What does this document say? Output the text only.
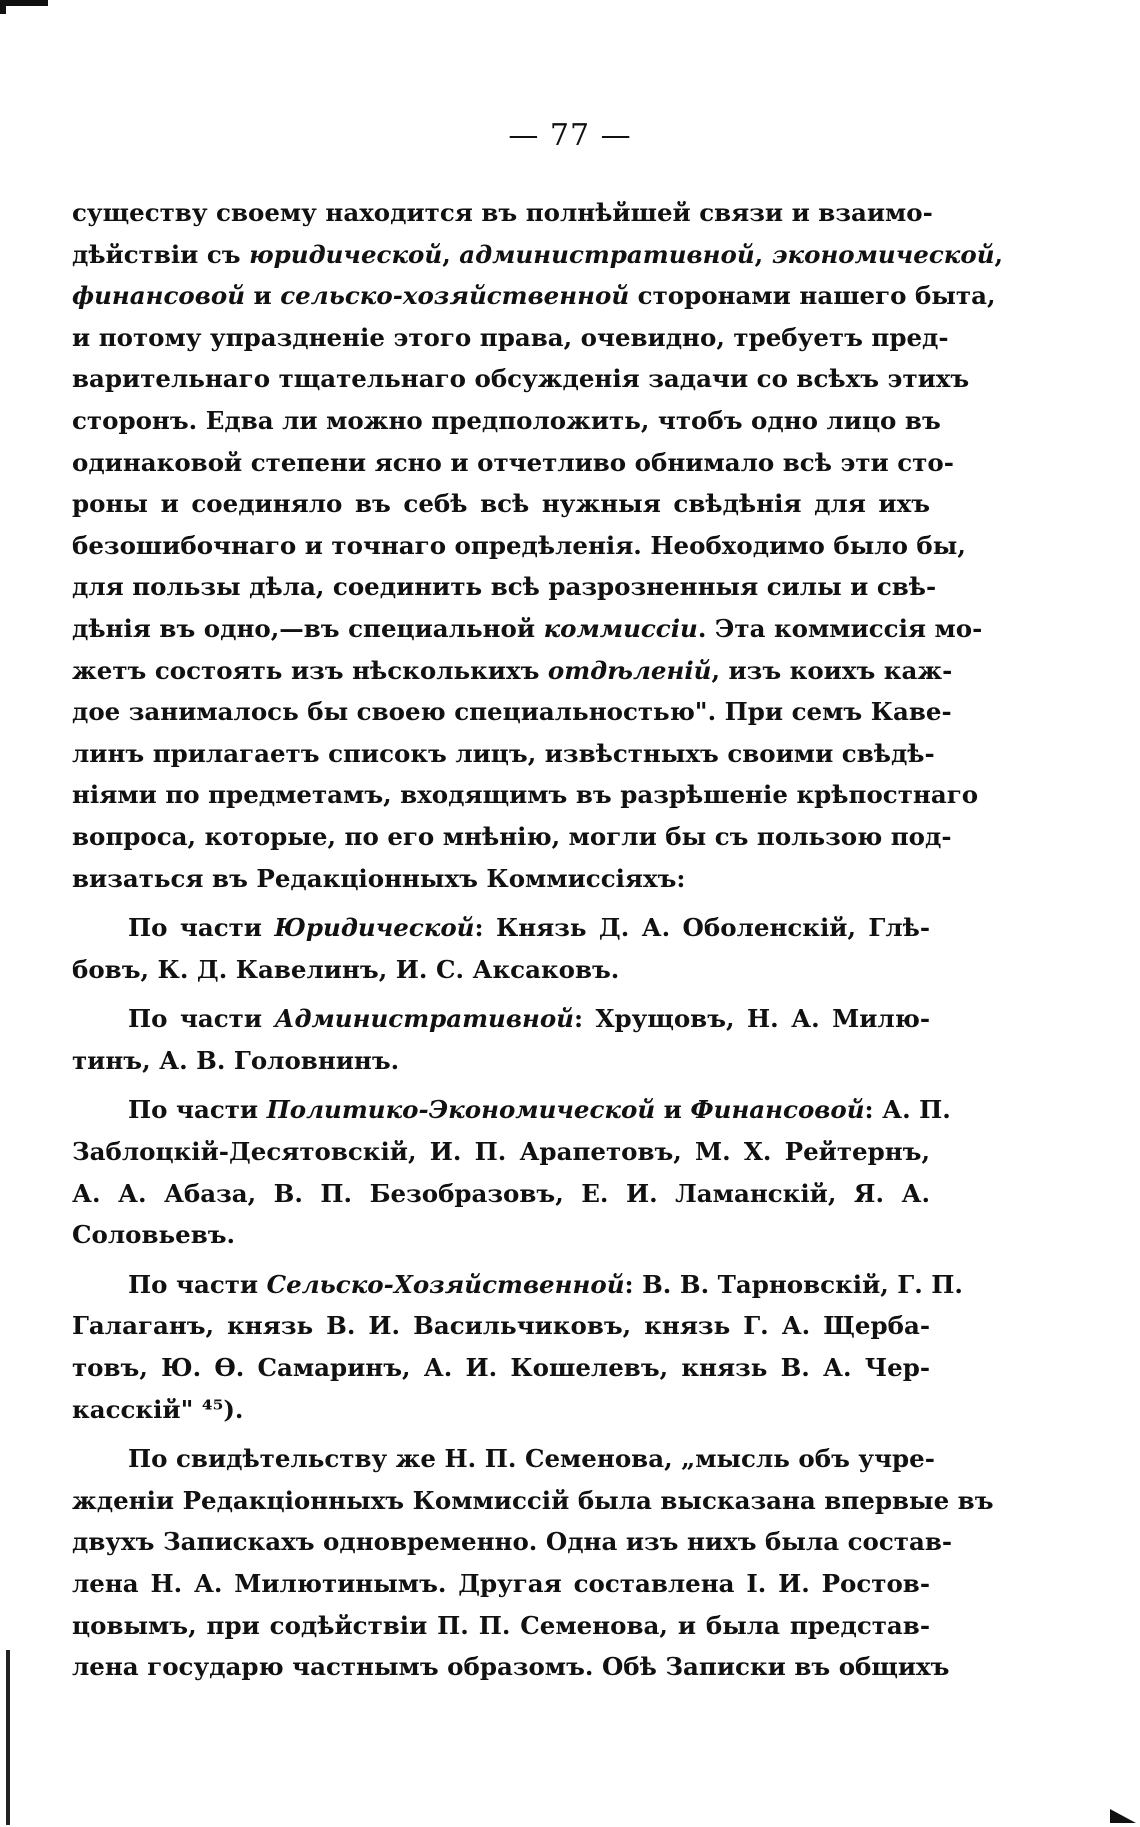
— 77 —

существу своему находится въ полнѣйшей связи и взаимо-
дѣйствіи съ юридической, административной, экономической,
финансовой и сельско-хозяйственной сторонами нашего быта,
и потому упраздненіе этого права, очевидно, требуетъ пред-
варительнаго тщательнаго обсужденія задачи со всѣхъ этихъ
сторонъ. Едва ли можно предположить, чтобъ одно лицо въ
одинаковой степени ясно и отчетливо обнимало всѣ эти сто-
роны и соединяло въ себѣ всѣ нужныя свѣдѣнія для ихъ
безошибочнаго и точнаго опредѣленія. Необходимо было бы,
для пользы дѣла, соединить всѣ разрозненныя силы и свѣ-
дѣнія въ одно,—въ специальной коммиссіи. Эта коммиссія мо-
жетъ состоять изъ нѣсколькихъ отдѣленій, изъ коихъ каж-
дое занималось бы своею специальностью". При семъ Каве-
линъ прилагаетъ списокъ лицъ, извѣстныхъ своими свѣдѣ-
ніями по предметамъ, входящимъ въ разрѣшеніе крѣпостнаго
вопроса, которые, по его мнѣнію, могли бы съ пользою под-
визаться въ Редакціонныхъ Коммиссіяхъ:

По части Юридической: Князь Д. А. Оболенскій, Глѣ-
бовъ, К. Д. Кавелинъ, И. С. Аксаковъ.

По части Административной: Хрущовъ, Н. А. Милю-
тинъ, А. В. Головнинъ.

По части Политико-Экономической и Финансовой: А. П.
Заблоцкій-Десятовскій, И. П. Арапетовъ, М. Х. Рейтернъ,
А. А. Абаза, В. П. Безобразовъ, Е. И. Ламанскій, Я. А.
Соловьевъ.

По части Сельско-Хозяйственной: В. В. Тарновскій, Г. П.
Галаганъ, князь В. И. Васильчиковъ, князь Г. А. Щерба-
товъ, Ю. Ѳ. Самаринъ, А. И. Кошелевъ, князь В. А. Чер-
касскій" ⁴⁵).

По свидѣтельству же Н. П. Семенова, „мысль объ учре-
жденіи Редакціонныхъ Коммиссій была высказана впервые въ
двухъ Запискахъ одновременно. Одна изъ нихъ была состав-
лена Н. А. Милютинымъ. Другая составлена І. И. Ростов-
цовымъ, при содѣйствіи П. П. Семенова, и была представ-
лена государю частнымъ образомъ. Обѣ Записки въ общихъ
